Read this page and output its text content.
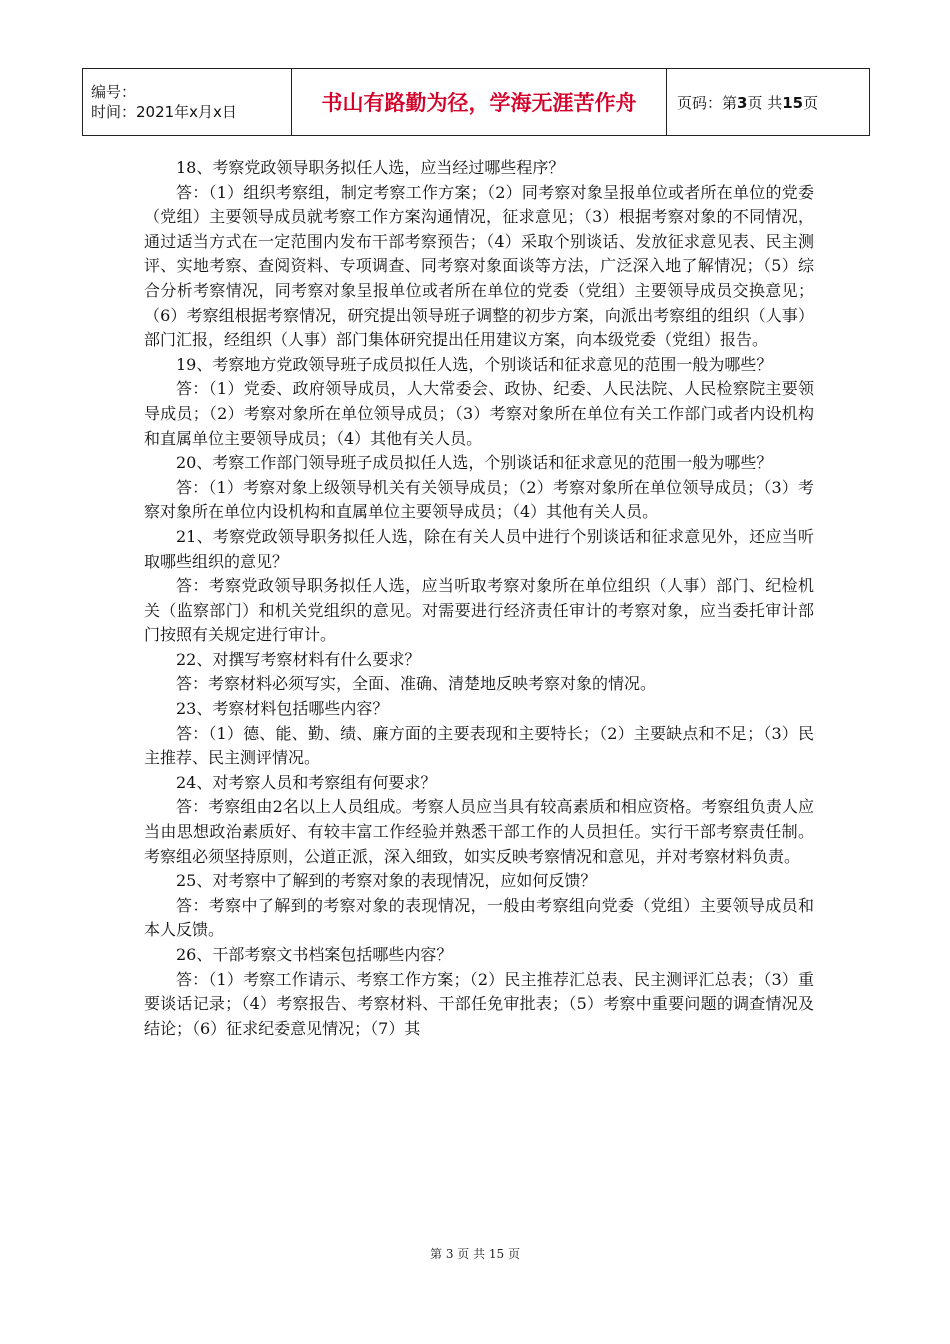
编号：
时间：2021年x月x日	书山有路勤为径，学海无涯苦作舟	页码：第3页 共15页

18、考察党政领导职务拟任人选，应当经过哪些程序？

答：（1）组织考察组，制定考察工作方案；（2）同考察对象呈报单位或者所在单位的党委（党组）主要领导成员就考察工作方案沟通情况，征求意见；（3）根据考察对象的不同情况，通过适当方式在一定范围内发布干部考察预告；（4）采取个别谈话、发放征求意见表、民主测评、实地考察、查阅资料、专项调查、同考察对象面谈等方法，广泛深入地了解情况；（5）综合分析考察情况，同考察对象呈报单位或者所在单位的党委（党组）主要领导成员交换意见；（6）考察组根据考察情况，研究提出领导班子调整的初步方案，向派出考察组的组织（人事）部门汇报，经组织（人事）部门集体研究提出任用建议方案，向本级党委（党组）报告。

19、考察地方党政领导班子成员拟任人选，个别谈话和征求意见的范围一般为哪些？

答：（1）党委、政府领导成员，人大常委会、政协、纪委、人民法院、人民检察院主要领导成员；（2）考察对象所在单位领导成员；（3）考察对象所在单位有关工作部门或者内设机构和直属单位主要领导成员；（4）其他有关人员。

20、考察工作部门领导班子成员拟任人选，个别谈话和征求意见的范围一般为哪些？

答：（1）考察对象上级领导机关有关领导成员；（2）考察对象所在单位领导成员；（3）考察对象所在单位内设机构和直属单位主要领导成员；（4）其他有关人员。

21、考察党政领导职务拟任人选，除在有关人员中进行个别谈话和征求意见外，还应当听取哪些组织的意见？

答：考察党政领导职务拟任人选，应当听取考察对象所在单位组织（人事）部门、纪检机关（监察部门）和机关党组织的意见。对需要进行经济责任审计的考察对象，应当委托审计部门按照有关规定进行审计。

22、对撰写考察材料有什么要求？

答：考察材料必须写实，全面、准确、清楚地反映考察对象的情况。

23、考察材料包括哪些内容？

答：（1）德、能、勤、绩、廉方面的主要表现和主要特长；（2）主要缺点和不足；（3）民主推荐、民主测评情况。

24、对考察人员和考察组有何要求？

答：考察组由2名以上人员组成。考察人员应当具有较高素质和相应资格。考察组负责人应当由思想政治素质好、有较丰富工作经验并熟悉干部工作的人员担任。实行干部考察责任制。考察组必须坚持原则，公道正派，深入细致，如实反映考察情况和意见，并对考察材料负责。

25、对考察中了解到的考察对象的表现情况，应如何反馈？

答：考察中了解到的考察对象的表现情况，一般由考察组向党委（党组）主要领导成员和本人反馈。

26、干部考察文书档案包括哪些内容？

答：（1）考察工作请示、考察工作方案；（2）民主推荐汇总表、民主测评汇总表；（3）重要谈话记录；（4）考察报告、考察材料、干部任免审批表；（5）考察中重要问题的调查情况及结论；（6）征求纪委意见情况；（7）其

第 3 页 共 15 页
